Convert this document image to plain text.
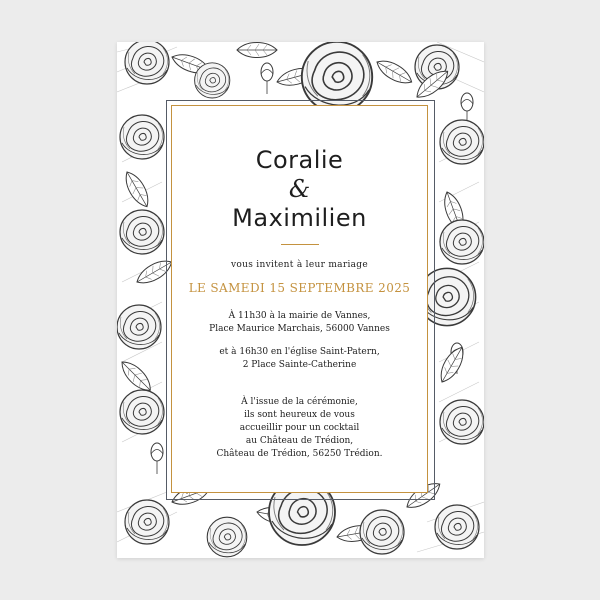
Coralie
&
Maximilien
vous invitent à leur mariage
LE SAMEDI 15 SEPTEMBRE 2025
À 11h30 à la mairie de Vannes,
Place Maurice Marchais, 56000 Vannes
et à 16h30 en l'église Saint-Patern,
2 Place Sainte-Catherine
À l'issue de la cérémonie,
ils sont heureux de vous
accueillir pour un cocktail
au Château de Trédion,
Château de Trédion, 56250 Trédion.
